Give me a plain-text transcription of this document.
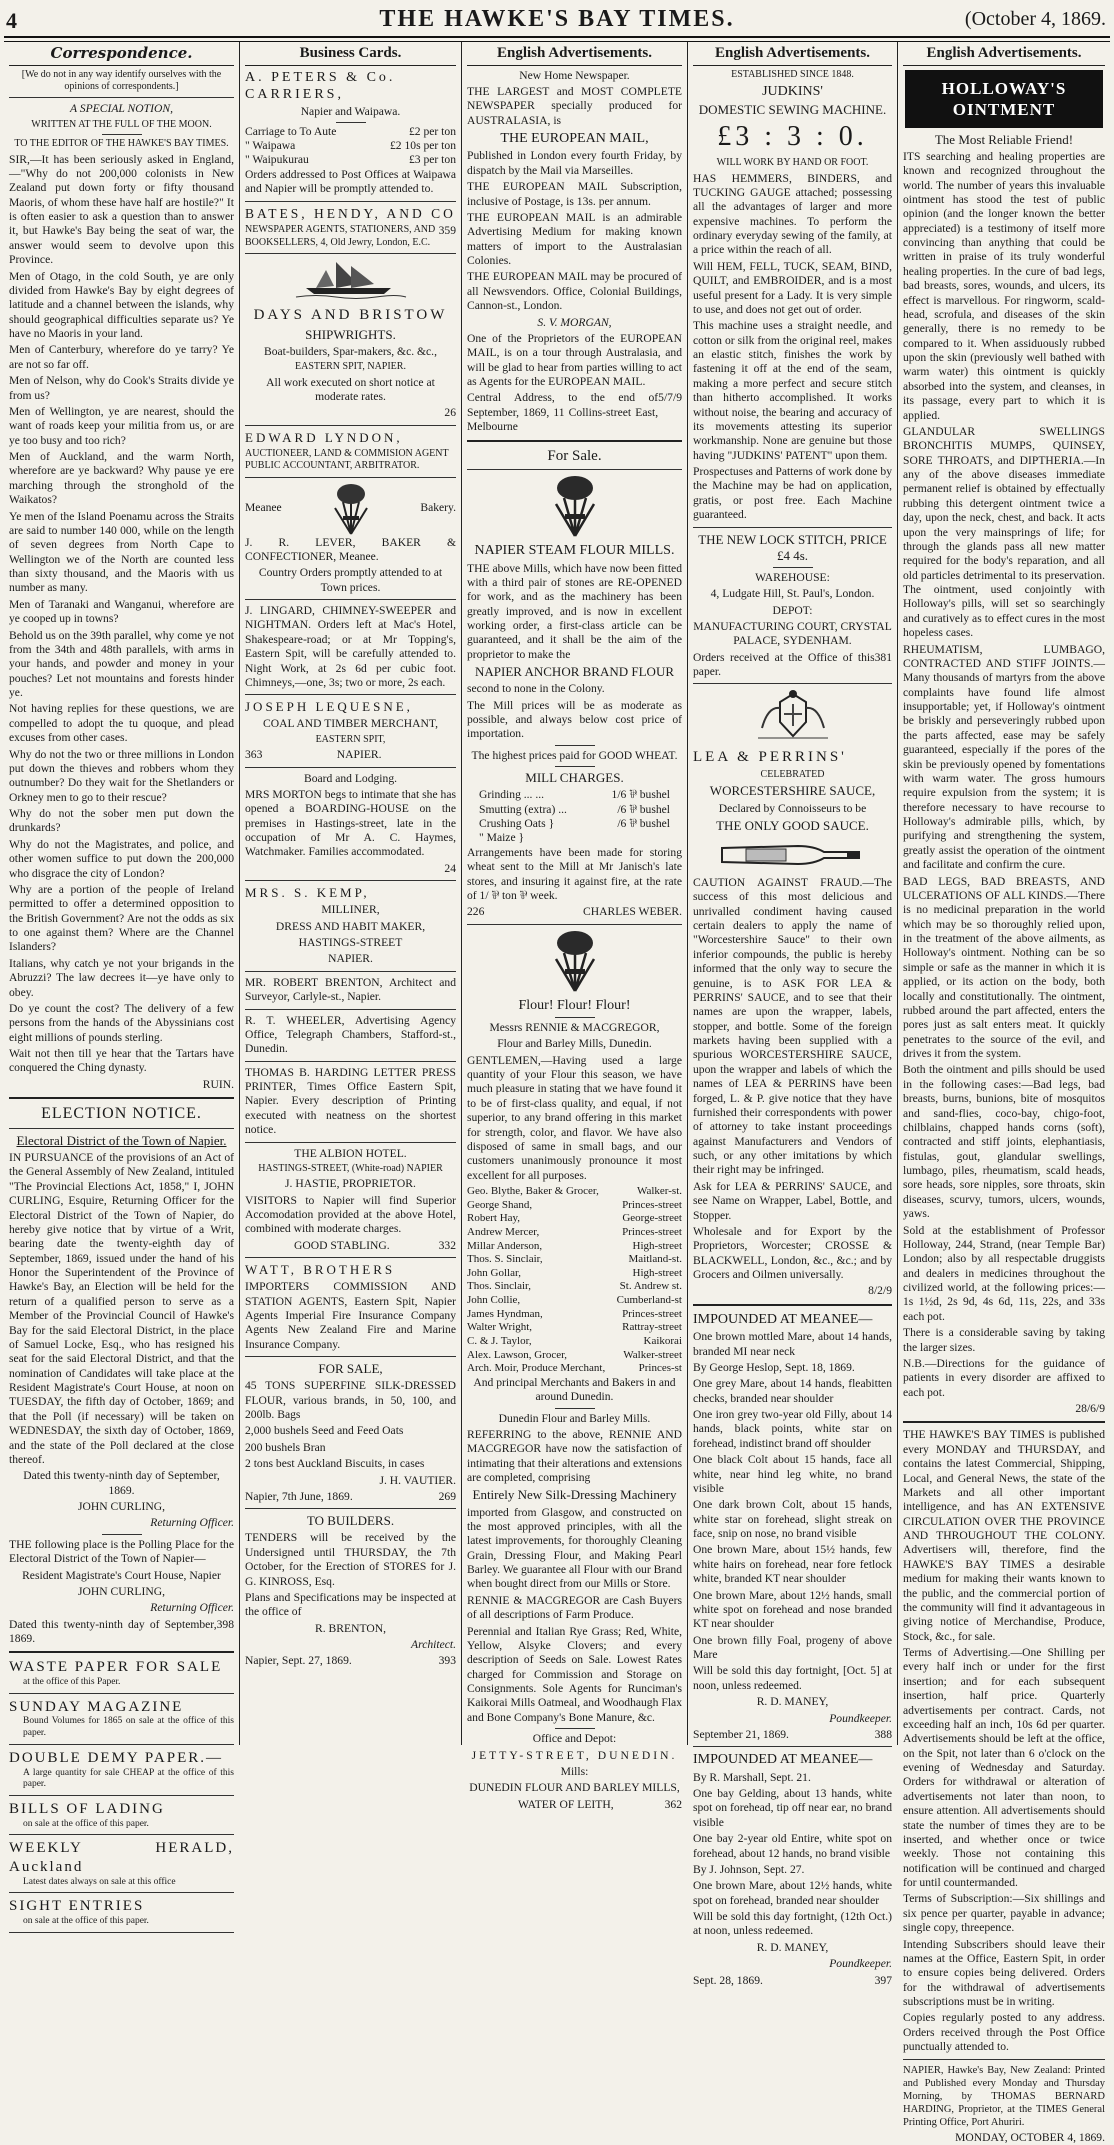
4	THE HAWKE'S BAY TIMES.	(October 4, 1869.
Correspondence.

[We do not in any way identify ourselves with the opinions of correspondents.]

A SPECIAL NOTION,

WRITTEN AT THE FULL OF THE MOON.

TO THE EDITOR OF THE HAWKE'S BAY TIMES.

SIR,—It has been seriously asked in England,—"Why do not 200,000 colonists in New Zealand put down forty or fifty thousand Maoris, of whom these have half are hostile?" It is often easier to ask a question than to answer it, but Hawke's Bay being the seat of war, the answer would seem to devolve upon this Province.

Men of Otago, in the cold South, ye are only divided from Hawke's Bay by eight degrees of latitude and a channel between the islands, why should geographical difficulties separate us? Ye have no Maoris in your land.

Men of Canterbury, wherefore do ye tarry? Ye are not so far off.

Men of Nelson, why do Cook's Straits divide ye from us?

Men of Wellington, ye are nearest, should the want of roads keep your militia from us, or are ye too busy and too rich?

Men of Auckland, and the warm North, wherefore are ye backward? Why pause ye ere marching through the stronghold of the Waikatos?

Ye men of the Island Poenamu across the Straits are said to number 140 000, while on the length of seven degrees from North Cape to Wellington we of the North are counted less than sixty thousand, and the Maoris with us number as many.

Men of Taranaki and Wanganui, wherefore are ye cooped up in towns?

Behold us on the 39th parallel, why come ye not from the 34th and 48th parallels, with arms in your hands, and powder and money in your pouches? Let not mountains and forests hinder ye.

Not having replies for these questions, we are compelled to adopt the tu quoque, and plead excuses from other cases.

Why do not the two or three millions in London put down the thieves and robbers whom they outnumber? Do they wait for the Shetlanders or Orkney men to go to their rescue?

Why do not the sober men put down the drunkards?

Why do not the Magistrates, and police, and other women suffice to put down the 200,000 who disgrace the city of London?

Why are a portion of the people of Ireland permitted to offer a determined opposition to the British Government? Are not the odds as six to one against them? Where are the Channel Islanders?

Italians, why catch ye not your brigands in the Abruzzi? The law decrees it—ye have only to obey.

Do ye count the cost? The delivery of a few persons from the hands of the Abyssinians cost eight millions of pounds sterling.

Wait not then till ye hear that the Tartars have conquered the Ching dynasty.

RUIN.

ELECTION NOTICE.

Electoral District of the Town of Napier.

IN PURSUANCE of the provisions of an Act of the General Assembly of New Zealand, intituled "The Provincial Elections Act, 1858," I, JOHN CURLING, Esquire, Returning Officer for the Electoral District of the Town of Napier, do hereby give notice that by virtue of a Writ, bearing date the twenty-eighth day of September, 1869, issued under the hand of his Honor the Superintendent of the Province of Hawke's Bay, an Election will be held for the return of a qualified person to serve as a Member of the Provincial Council of Hawke's Bay for the said Electoral District, in the place of Samuel Locke, Esq., who has resigned his seat for the said Electoral District, and that the nomination of Candidates will take place at the Resident Magistrate's Court House, at noon on TUESDAY, the fifth day of October, 1869; and that the Poll (if necessary) will be taken on WEDNESDAY, the sixth day of October, 1869, and the state of the Poll declared at the close thereof.

Dated this twenty-ninth day of September, 1869.

JOHN CURLING,

Returning Officer.

THE following place is the Polling Place for the Electoral District of the Town of Napier—

Resident Magistrate's Court House, Napier

JOHN CURLING,

Returning Officer.

Dated this twenty-ninth day of September, 1869.
398
WASTE PAPER FOR SALE
at the office of this Paper.
SUNDAY MAGAZINE
Bound Volumes for 1865 on sale at the office of this paper.
DOUBLE DEMY PAPER.—
A large quantity for sale CHEAP at the office of this paper.
BILLS OF LADING
on sale at the office of this paper.
WEEKLY HERALD, Auckland
Latest dates always on sale at this office
SIGHT ENTRIES
on sale at the office of this paper.
Business Cards.

A. PETERS & Co. CARRIERS,

Napier and Waipawa.

Carriage to To Aute	£2 per ton
" Waipawa	£2 10s per ton
" Waipukurau	£3 per ton

Orders addressed to Post Offices at Waipawa and Napier will be promptly attended to.

BATES, HENDY, AND CO

NEWSPAPER AGENTS, STATIONERS, AND BOOKSELLERS, 4, Old Jewry, London, E.C.
359

DAYS AND BRISTOW

SHIPWRIGHTS.

Boat-builders, Spar-makers, &c. &c.,

EASTERN SPIT, NAPIER.

All work executed on short notice at moderate rates.

26

EDWARD LYNDON,

AUCTIONEER, LAND & COMMISION AGENT PUBLIC ACCOUNTANT, ARBITRATOR.

Meanee	Bakery.

J. R. LEVER, BAKER & CONFECTIONER, Meanee.

Country Orders promptly attended to at Town prices.

J. LINGARD, CHIMNEY-SWEEPER and NIGHTMAN. Orders left at Mac's Hotel, Shakespeare-road; or at Mr Topping's, Eastern Spit, will be carefully attended to. Night Work, at 2s 6d per cubic foot. Chimneys,—one, 3s; two or more, 2s each.

JOSEPH LEQUESNE,

COAL AND TIMBER MERCHANT,

EASTERN SPIT,

363	NAPIER.

Board and Lodging.

MRS MORTON begs to intimate that she has opened a BOARDING-HOUSE on the premises in Hastings-street, late in the occupation of Mr A. C. Haymes, Watchmaker. Families accommodated.

24

MRS. S. KEMP,

MILLINER,

DRESS AND HABIT MAKER,

HASTINGS-STREET

NAPIER.

MR. ROBERT BRENTON, Architect and Surveyor, Carlyle-st., Napier.

R. T. WHEELER, Advertising Agency Office, Telegraph Chambers, Stafford-st., Dunedin.

THOMAS B. HARDING LETTER PRESS PRINTER, Times Office Eastern Spit, Napier. Every description of Printing executed with neatness on the shortest notice.

THE ALBION HOTEL.

HASTINGS-STREET, (White-road) NAPIER

J. HASTIE, PROPRIETOR.

VISITORS to Napier will find Superior Accomodation provided at the above Hotel, combined with moderate charges.

GOOD STABLING.	332

WATT, BROTHERS

IMPORTERS COMMISSION AND STATION AGENTS, Eastern Spit, Napier Agents Imperial Fire Insurance Company Agents New Zealand Fire and Marine Insurance Company.

FOR SALE,

45 TONS SUPERFINE SILK-DRESSED FLOUR, various brands, in 50, 100, and 200lb. Bags

2,000 bushels Seed and Feed Oats

200 bushels Bran

2 tons best Auckland Biscuits, in cases

J. H. VAUTIER.

Napier, 7th June, 1869.	269

TO BUILDERS.

TENDERS will be received by the Undersigned until THURSDAY, the 7th October, for the Erection of STORES for J. G. KINROSS, Esq.

Plans and Specifications may be inspected at the office of

R. BRENTON,

Architect.

Napier, Sept. 27, 1869.	393
English Advertisements.

New Home Newspaper.

THE LARGEST and MOST COMPLETE NEWSPAPER specially produced for AUSTRALASIA, is

THE EUROPEAN MAIL,

Published in London every fourth Friday, by dispatch by the Mail via Marseilles.

THE EUROPEAN MAIL Subscription, inclusive of Postage, is 13s. per annum.

THE EUROPEAN MAIL is an admirable Advertising Medium for making known matters of import to the Australasian Colonies.

THE EUROPEAN MAIL may be procured of all Newsvendors. Office, Colonial Buildings, Cannon-st., London.

S. V. MORGAN,

One of the Proprietors of the EUROPEAN MAIL, is on a tour through Australasia, and will be glad to hear from parties willing to act as Agents for the EUROPEAN MAIL.

Central Address, to the end of September, 1869, 11 Collins-street East, Melbourne
5/7/9

For Sale.

NAPIER STEAM FLOUR MILLS.

THE above Mills, which have now been fitted with a third pair of stones are RE-OPENED for work, and as the machinery has been greatly improved, and is now in excellent working order, a first-class article can be guaranteed, and it shall be the aim of the proprietor to make the

NAPIER ANCHOR BRAND FLOUR

second to none in the Colony.

The Mill prices will be as moderate as possible, and always below cost price of importation.

The highest prices paid for GOOD WHEAT.

MILL CHARGES.

Grinding ... ...	1/6 ⅌ bushel
Smutting (extra) ...	/6 ⅌ bushel
Crushing Oats }	/6 ⅌ bushel
" Maize }

Arrangements have been made for storing wheat sent to the Mill at Mr Janisch's late stores, and insuring it against fire, at the rate of 1/ ⅌ ton ⅌ week.

226	CHARLES WEBER.

Flour! Flour! Flour!

Messrs RENNIE & MACGREGOR,

Flour and Barley Mills, Dunedin.

GENTLEMEN,—Having used a large quantity of your Flour this season, we have much pleasure in stating that we have found it to be of first-class quality, and equal, if not superior, to any brand offering in this market for strength, color, and flavor. We have also disposed of same in small bags, and our customers unanimously pronounce it most excellent for all purposes.

Geo. Blythe, Baker & Grocer,	Walker-st.
George Shand,	Princes-street
Robert Hay,	George-street
Andrew Mercer,	Princes-street
Millar Anderson,	High-street
Thos. S. Sinclair,	Maitland-st.
John Gollar,	High-street
Thos. Sinclair,	St. Andrew st.
John Collie,	Cumberland-st
James Hyndman,	Princes-street
Walter Wright,	Rattray-street
C. & J. Taylor,	Kaikorai
Alex. Lawson, Grocer,	Walker-street
Arch. Moir, Produce Merchant,	Princes-st

And principal Merchants and Bakers in and around Dunedin.

Dunedin Flour and Barley Mills.

REFERRING to the above, RENNIE AND MACGREGOR have now the satisfaction of intimating that their alterations and extensions are completed, comprising

Entirely New Silk-Dressing Machinery

imported from Glasgow, and constructed on the most approved principles, with all the latest improvements, for thoroughly Cleaning Grain, Dressing Flour, and Making Pearl Barley. We guarantee all Flour with our Brand when bought direct from our Mills or Store.

RENNIE & MACGREGOR are Cash Buyers of all descriptions of Farm Produce.

Perennial and Italian Rye Grass; Red, White, Yellow, Alsyke Clovers; and every description of Seeds on Sale. Lowest Rates charged for Commission and Storage on Consignments. Sole Agents for Runciman's Kaikorai Mills Oatmeal, and Woodhaugh Flax and Bone Company's Bone Manure, &c.

Office and Depot:

JETTY-STREET, DUNEDIN.

Mills:

DUNEDIN FLOUR AND BARLEY MILLS,

WATER OF LEITH,	362
English Advertisements.

ESTABLISHED SINCE 1848.

JUDKINS'

DOMESTIC SEWING MACHINE.

£3 : 3 : 0.

WILL WORK BY HAND OR FOOT.

HAS HEMMERS, BINDERS, and TUCKING GAUGE attached; possessing all the advantages of larger and more expensive machines. To perform the ordinary everyday sewing of the family, at a price within the reach of all.

Will HEM, FELL, TUCK, SEAM, BIND, QUILT, and EMBROIDER, and is a most useful present for a Lady. It is very simple to use, and does not get out of order.

This machine uses a straight needle, and cotton or silk from the original reel, makes an elastic stitch, finishes the work by fastening it off at the end of the seam, making a more perfect and secure stitch than hitherto accomplished. It works without noise, the bearing and accuracy of its movements attesting its superior workmanship. None are genuine but those having "JUDKINS' PATENT" upon them.

Prospectuses and Patterns of work done by the Machine may be had on application, gratis, or post free. Each Machine guaranteed.

THE NEW LOCK STITCH, PRICE £4 4s.

WAREHOUSE:

4, Ludgate Hill, St. Paul's, London.

DEPOT:

MANUFACTURING COURT, CRYSTAL PALACE, SYDENHAM.

Orders received at the Office of this paper.
381

LEA & PERRINS'

CELEBRATED

WORCESTERSHIRE SAUCE,

Declared by Connoisseurs to be

THE ONLY GOOD SAUCE.

CAUTION AGAINST FRAUD.—The success of this most delicious and unrivalled condiment having caused certain dealers to apply the name of "Worcestershire Sauce" to their own inferior compounds, the public is hereby informed that the only way to secure the genuine, is to ASK FOR LEA & PERRINS' SAUCE, and to see that their names are upon the wrapper, labels, stopper, and bottle. Some of the foreign markets having been supplied with a spurious WORCESTERSHIRE SAUCE, upon the wrapper and labels of which the names of LEA & PERRINS have been forged, L. & P. give notice that they have furnished their correspondents with power of attorney to take instant proceedings against Manufacturers and Vendors of such, or any other imitations by which their right may be infringed.

Ask for LEA & PERRINS' SAUCE, and see Name on Wrapper, Label, Bottle, and Stopper.

Wholesale and for Export by the Proprietors, Worcester; CROSSE & BLACKWELL, London, &c., &c.; and by Grocers and Oilmen universally.

8/2/9

IMPOUNDED AT MEANEE—

One brown mottled Mare, about 14 hands, branded MI near neck

By George Heslop, Sept. 18, 1869.

One grey Mare, about 14 hands, fleabitten checks, branded near shoulder

One iron grey two-year old Filly, about 14 hands, black points, white star on forehead, indistinct brand off shoulder

One black Colt about 15 hands, face all white, near hind leg white, no brand visible

One dark brown Colt, about 15 hands, white star on forehead, slight streak on face, snip on nose, no brand visible

One brown Mare, about 15½ hands, few white hairs on forehead, near fore fetlock white, branded KT near shoulder

One brown Mare, about 12½ hands, small white spot on forehead and nose branded KT near shoulder

One brown filly Foal, progeny of above Mare

Will be sold this day fortnight, [Oct. 5] at noon, unless redeemed.

R. D. MANEY,

Poundkeeper.

September 21, 1869.	388

IMPOUNDED AT MEANEE—

By R. Marshall, Sept. 21.

One bay Gelding, about 13 hands, white spot on forehead, tip off near ear, no brand visible

One bay 2-year old Entire, white spot on forehead, about 12 hands, no brand visible

By J. Johnson, Sept. 27.

One brown Mare, about 12½ hands, white spot on forehead, branded near shoulder

Will be sold this day fortnight, (12th Oct.) at noon, unless redeemed.

R. D. MANEY,

Poundkeeper.

Sept. 28, 1869.	397
English Advertisements.
HOLLOWAY'S OINTMENT

The Most Reliable Friend!

ITS searching and healing properties are known and recognized throughout the world. The number of years this invaluable ointment has stood the test of public opinion (and the longer known the better appreciated) is a testimony of itself more convincing than anything that could be written in praise of its truly wonderful healing properties. In the cure of bad legs, bad breasts, sores, wounds, and ulcers, its effect is marvellous. For ringworm, scald-head, scrofula, and diseases of the skin generally, there is no remedy to be compared to it. When assiduously rubbed upon the skin (previously well bathed with warm water) this ointment is quickly absorbed into the system, and cleanses, in its passage, every part to which it is applied.

GLANDULAR SWELLINGS BRONCHITIS MUMPS, QUINSEY, SORE THROATS, and DIPTHERIA.—In any of the above diseases immediate permanent relief is obtained by effectually rubbing this detergent ointment twice a day, upon the neck, chest, and back. It acts upon the very mainsprings of life; for through the glands pass all new matter required for the body's reparation, and all old particles detrimental to its preservation. The ointment, used conjointly with Holloway's pills, will set so searchingly and curatively as to effect cures in the most hopeless cases.

RHEUMATISM, LUMBAGO, CONTRACTED AND STIFF JOINTS.—Many thousands of martyrs from the above complaints have found life almost insupportable; yet, if Holloway's ointment be briskly and perseveringly rubbed upon the parts affected, ease may be safely guaranteed, especially if the pores of the skin be previously opened by fomentations with warm water. The gross humours require expulsion from the system; it is therefore necessary to have recourse to Holloway's admirable pills, which, by purifying and strengthening the system, greatly assist the operation of the ointment and facilitate and confirm the cure.

BAD LEGS, BAD BREASTS, AND ULCERATIONS OF ALL KINDS.—There is no medicinal preparation in the world which may be so thoroughly relied upon, in the treatment of the above ailments, as Holloway's ointment. Nothing can be so simple or safe as the manner in which it is applied, or its action on the body, both locally and constitutionally. The ointment, rubbed around the part affected, enters the pores just as salt enters meat. It quickly penetrates to the source of the evil, and drives it from the system.

Both the ointment and pills should be used in the following cases:—Bad legs, bad breasts, burns, bunions, bite of mosquitos and sand-flies, coco-bay, chigo-foot, chilblains, chapped hands corns (soft), contracted and stiff joints, elephantiasis, fistulas, gout, glandular swellings, lumbago, piles, rheumatism, scald heads, sore heads, sore nipples, sore throats, skin diseases, scurvy, tumors, ulcers, wounds, yaws.

Sold at the establishment of Professor Holloway, 244, Strand, (near Temple Bar) London; also by all respectable druggists and dealers in medicines throughout the civilized world, at the following prices:—1s 1½d, 2s 9d, 4s 6d, 11s, 22s, and 33s each pot.

There is a considerable saving by taking the larger sizes.

N.B.—Directions for the guidance of patients in every disorder are affixed to each pot.

28/6/9

THE HAWKE'S BAY TIMES is published every MONDAY and THURSDAY, and contains the latest Commercial, Shipping, Local, and General News, the state of the Markets and all other important intelligence, and has AN EXTENSIVE CIRCULATION OVER THE PROVINCE AND THROUGHOUT THE COLONY. Advertisers will, therefore, find the HAWKE'S BAY TIMES a desirable medium for making their wants known to the public, and the commercial portion of the community will find it advantageous in giving notice of Merchandise, Produce, Stock, &c., for sale.

Terms of Advertising.—One Shilling per every half inch or under for the first insertion; and for each subsequent insertion, half price. Quarterly advertisements per contract. Cards, not exceeding half an inch, 10s 6d per quarter. Advertisements should be left at the office, on the Spit, not later than 6 o'clock on the evening of Wednesday and Saturday. Orders for withdrawal or alteration of advertisements not later than noon, to ensure attention. All advertisements should state the number of times they are to be inserted, and whether once or twice weekly. Those not containing this notification will be continued and charged for until countermanded.

Terms of Subscription:—Six shillings and six pence per quarter, payable in advance; single copy, threepence.

Intending Subscribers should leave their names at the Office, Eastern Spit, in order to ensure copies being delivered. Orders for the withdrawal of advertisements subscriptions must be in writing.

Copies regularly posted to any address. Orders received through the Post Office punctually attended to.

NAPIER, Hawke's Bay, New Zealand: Printed and Published every Monday and Thursday Morning, by THOMAS BERNARD HARDING, Proprietor, at the TIMES General Printing Office, Port Ahuriri.

MONDAY, OCTOBER 4, 1869.
